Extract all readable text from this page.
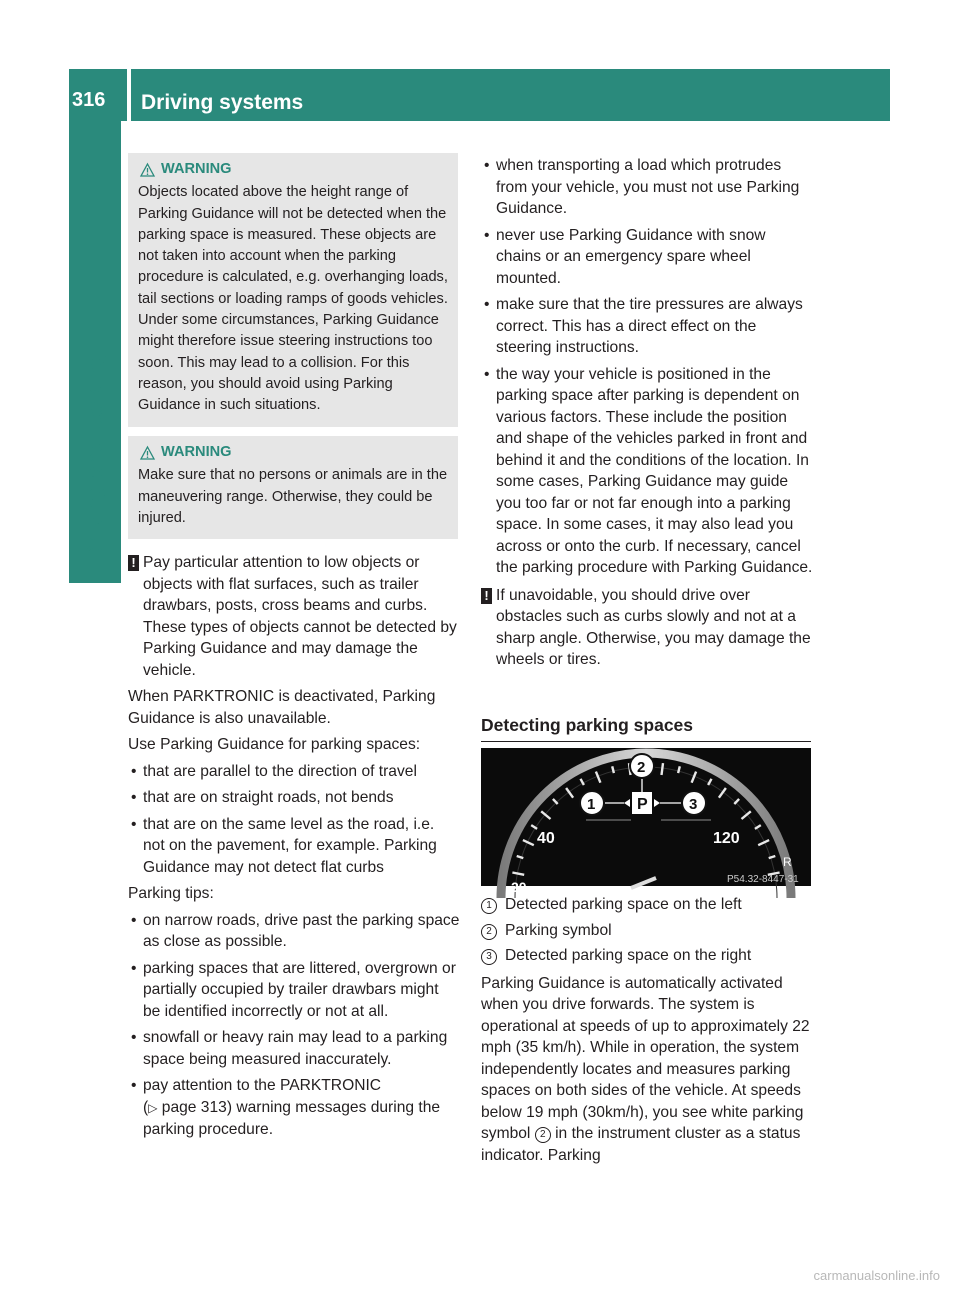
316	Driving systems
Driving and parking
WARNING
Objects located above the height range of Parking Guidance will not be detected when the parking space is measured. These objects are not taken into account when the parking procedure is calculated, e.g. overhanging loads, tail sections or loading ramps of goods vehicles. Under some circumstances, Parking Guidance might therefore issue steering instructions too soon. This may lead to a collision. For this reason, you should avoid using Parking Guidance in such situations.
WARNING
Make sure that no persons or animals are in the maneuvering range. Otherwise, they could be injured.
! Pay particular attention to low objects or objects with flat surfaces, such as trailer drawbars, posts, cross beams and curbs. These types of objects cannot be detected by Parking Guidance and may damage the vehicle.

When PARKTRONIC is deactivated, Parking Guidance is also unavailable.

Use Parking Guidance for parking spaces:

• that are parallel to the direction of travel
• that are on straight roads, not bends
• that are on the same level as the road, i.e. not on the pavement, for example. Parking Guidance may not detect flat curbs

Parking tips:

• on narrow roads, drive past the parking space as close as possible.
• parking spaces that are littered, overgrown or partially occupied by trailer drawbars might be identified incorrectly or not at all.
• snowfall or heavy rain may lead to a parking space being measured inaccurately.
• pay attention to the PARKTRONIC
(▷ page 313) warning messages during the parking procedure.
• when transporting a load which protrudes from your vehicle, you must not use Parking Guidance.
• never use Parking Guidance with snow chains or an emergency spare wheel mounted.
• make sure that the tire pressures are always correct. This has a direct effect on the steering instructions.
• the way your vehicle is positioned in the parking space after parking is dependent on various factors. These include the position and shape of the vehicles parked in front and behind it and the conditions of the location. In some cases, Parking Guidance may guide you too far or not far enough into a parking space. In some cases, it may also lead you across or onto the curb. If necessary, cancel the parking procedure with Parking Guidance.
! If unavoidable, you should drive over obstacles such as curbs slowly and not at a sharp angle. Otherwise, you may damage the wheels or tires.
Detecting parking spaces
40	120
R
20
P
1
2
3
P54.32-8447-31
1 Detected parking space on the left
2 Parking symbol
3 Detected parking space on the right

Parking Guidance is automatically activated when you drive forwards. The system is operational at speeds of up to approximately 22 mph (35 km/h). While in operation, the system independently locates and measures parking spaces on both sides of the vehicle. At speeds below 19 mph (30km/h), you see white parking symbol 2 in the instrument cluster as a status indicator. Parking

carmanualsonline.info
